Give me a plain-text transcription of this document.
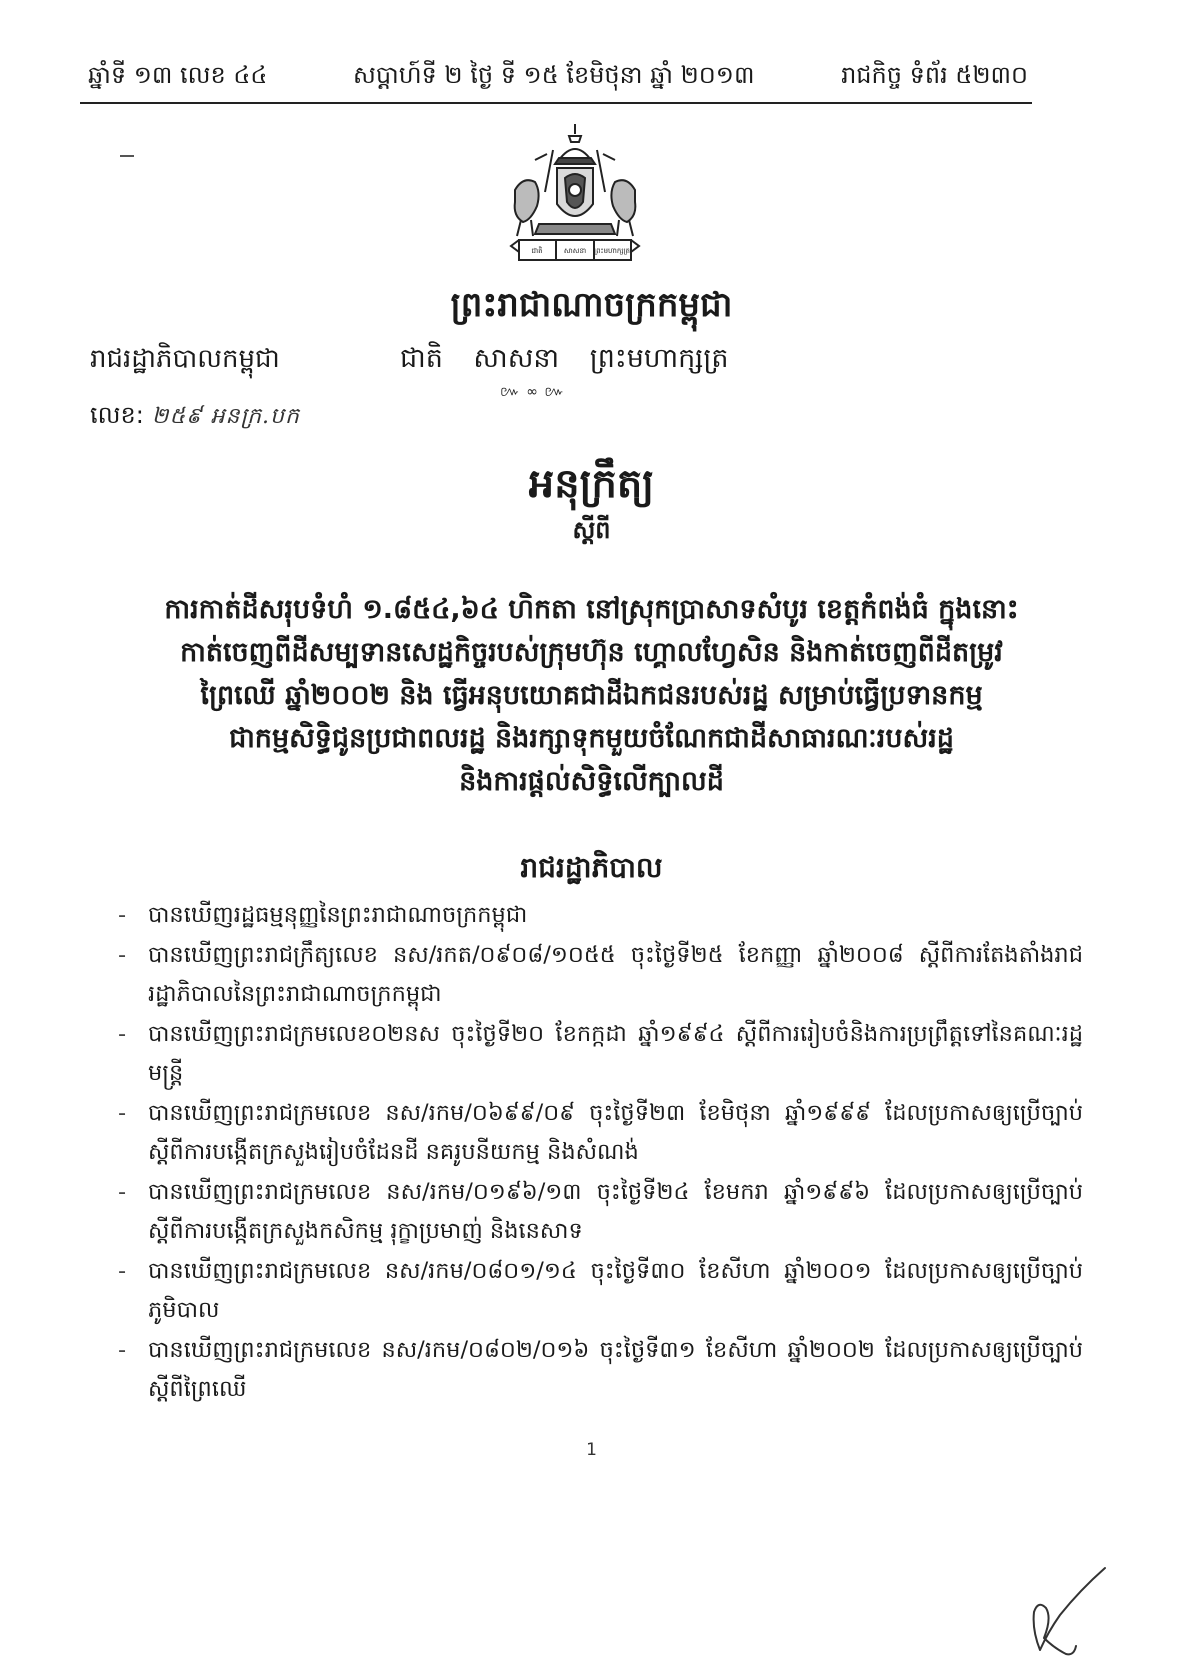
ឆ្នាំទី ១៣ លេខ ៤៤	សប្តាហ៍ទី ២ ថ្ងៃ ទី ១៥ ខែមិថុនា ឆ្នាំ ២០១៣	រាជកិច្ច ទំព័រ ៥២៣០
ជាតិ	សាសនា ព្រះមហាក្សត្រ
ព្រះរាជាណាចក្រកម្ពុជា
រាជរដ្ឋាភិបាលកម្ពុជា	ជាតិ សាសនា ព្រះមហាក្សត្រ
៚ ∞ ៚
លេខ: ២៥៩ អនក្រ.បក
អនុក្រឹត្យ
ស្តីពី
ការកាត់ដីសរុបទំហំ ១.៨៥៤,៦៤ ហិកតា នៅស្រុកប្រាសាទសំបូរ ខេត្តកំពង់ធំ ក្នុងនោះ
កាត់ចេញពីដីសម្បទានសេដ្ឋកិច្ចរបស់ក្រុមហ៊ុន ហ្គោលហ្វែសិន និងកាត់ចេញពីដីតម្រូវ
ព្រៃឈើ ឆ្នាំ២០០២ និង ធ្វើអនុបយោគជាដីឯកជនរបស់រដ្ឋ សម្រាប់ធ្វើប្រទានកម្ម
ជាកម្មសិទ្ធិជូនប្រជាពលរដ្ឋ និងរក្សាទុកមួយចំណែកជាដីសាធារណៈរបស់រដ្ឋ
និងការផ្តល់សិទ្ធិលើក្បាលដី
រាជរដ្ឋាភិបាល
- បានឃើញរដ្ឋធម្មនុញ្ញនៃព្រះរាជាណាចក្រកម្ពុជា
- បានឃើញព្រះរាជក្រឹត្យលេខ នស/រកត/០៩០៨/១០៥៥ ចុះថ្ងៃទី២៥ ខែកញ្ញា ឆ្នាំ២០០៨ ស្តីពីការតែងតាំងរាជរដ្ឋាភិបាលនៃព្រះរាជាណាចក្រកម្ពុជា
- បានឃើញព្រះរាជក្រមលេខ០២នស ចុះថ្ងៃទី២០ ខែកក្កដា ឆ្នាំ១៩៩៤ ស្តីពីការរៀបចំនិងការប្រព្រឹត្តទៅនៃគណៈរដ្ឋមន្ត្រី
- បានឃើញព្រះរាជក្រមលេខ នស/រកម/០៦៩៩/០៩ ចុះថ្ងៃទី២៣ ខែមិថុនា ឆ្នាំ១៩៩៩ ដែលប្រកាសឲ្យប្រើច្បាប់ស្តីពីការបង្កើតក្រសួងរៀបចំដែនដី នគរូបនីយកម្ម និងសំណង់
- បានឃើញព្រះរាជក្រមលេខ នស/រកម/០១៩៦/១៣ ចុះថ្ងៃទី២៤ ខែមករា ឆ្នាំ១៩៩៦ ដែលប្រកាសឲ្យប្រើច្បាប់ ស្តីពីការបង្កើតក្រសួងកសិកម្ម រុក្ខាប្រមាញ់ និងនេសាទ
- បានឃើញព្រះរាជក្រមលេខ នស/រកម/០៨០១/១៤ ចុះថ្ងៃទី៣០ ខែសីហា ឆ្នាំ២០០១ ដែលប្រកាសឲ្យប្រើច្បាប់ភូមិបាល
- បានឃើញព្រះរាជក្រមលេខ នស/រកម/០៨០២/០១៦ ចុះថ្ងៃទី៣១ ខែសីហា ឆ្នាំ២០០២ ដែលប្រកាសឲ្យប្រើច្បាប់ស្តីពីព្រៃឈើ
1
